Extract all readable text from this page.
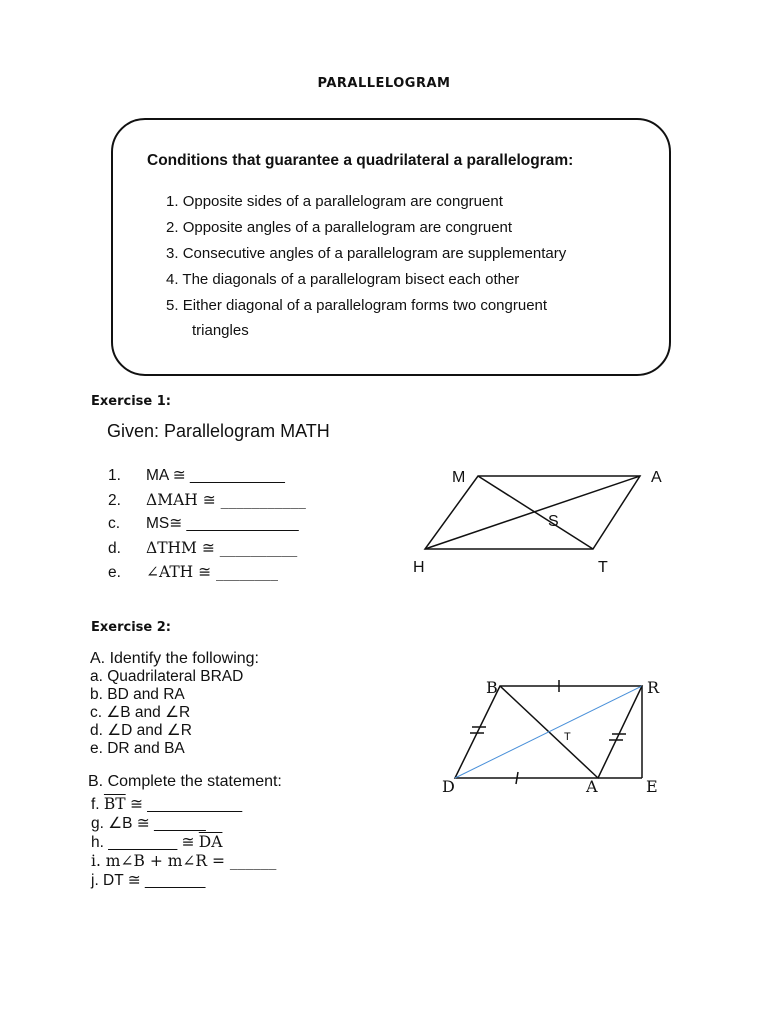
PARALLELOGRAM
Conditions that guarantee a quadrilateral a parallelogram:
1. Opposite sides of a parallelogram are congruent
2. Opposite angles of a parallelogram are congruent
3. Consecutive angles of a parallelogram are supplementary
4. The diagonals of a parallelogram bisect each other
5. Either diagonal of a parallelogram forms two congruent
triangles
Exercise 1:
Given: Parallelogram MATH
1. MA ≅ ___________
2. ΔMAH ≅ ___________
c. MS≅ _____________
d. ΔTHM ≅ __________
e. ∠ATH ≅ ________
M	A
S
H	T
Exercise 2:
A. Identify the following:
a. Quadrilateral BRAD
b. BD and RA
c. ∠B and ∠R
d. ∠D and ∠R
e. DR and BA
B. Complete the statement:
f. $\overline{BT}$ ≅ ___________
g. ∠B ≅ ______
h. ________ ≅ $\overline{DA}$
i. m∠B + m∠R = ______
j. DT ≅ _______
B	R
D	A	E
T
